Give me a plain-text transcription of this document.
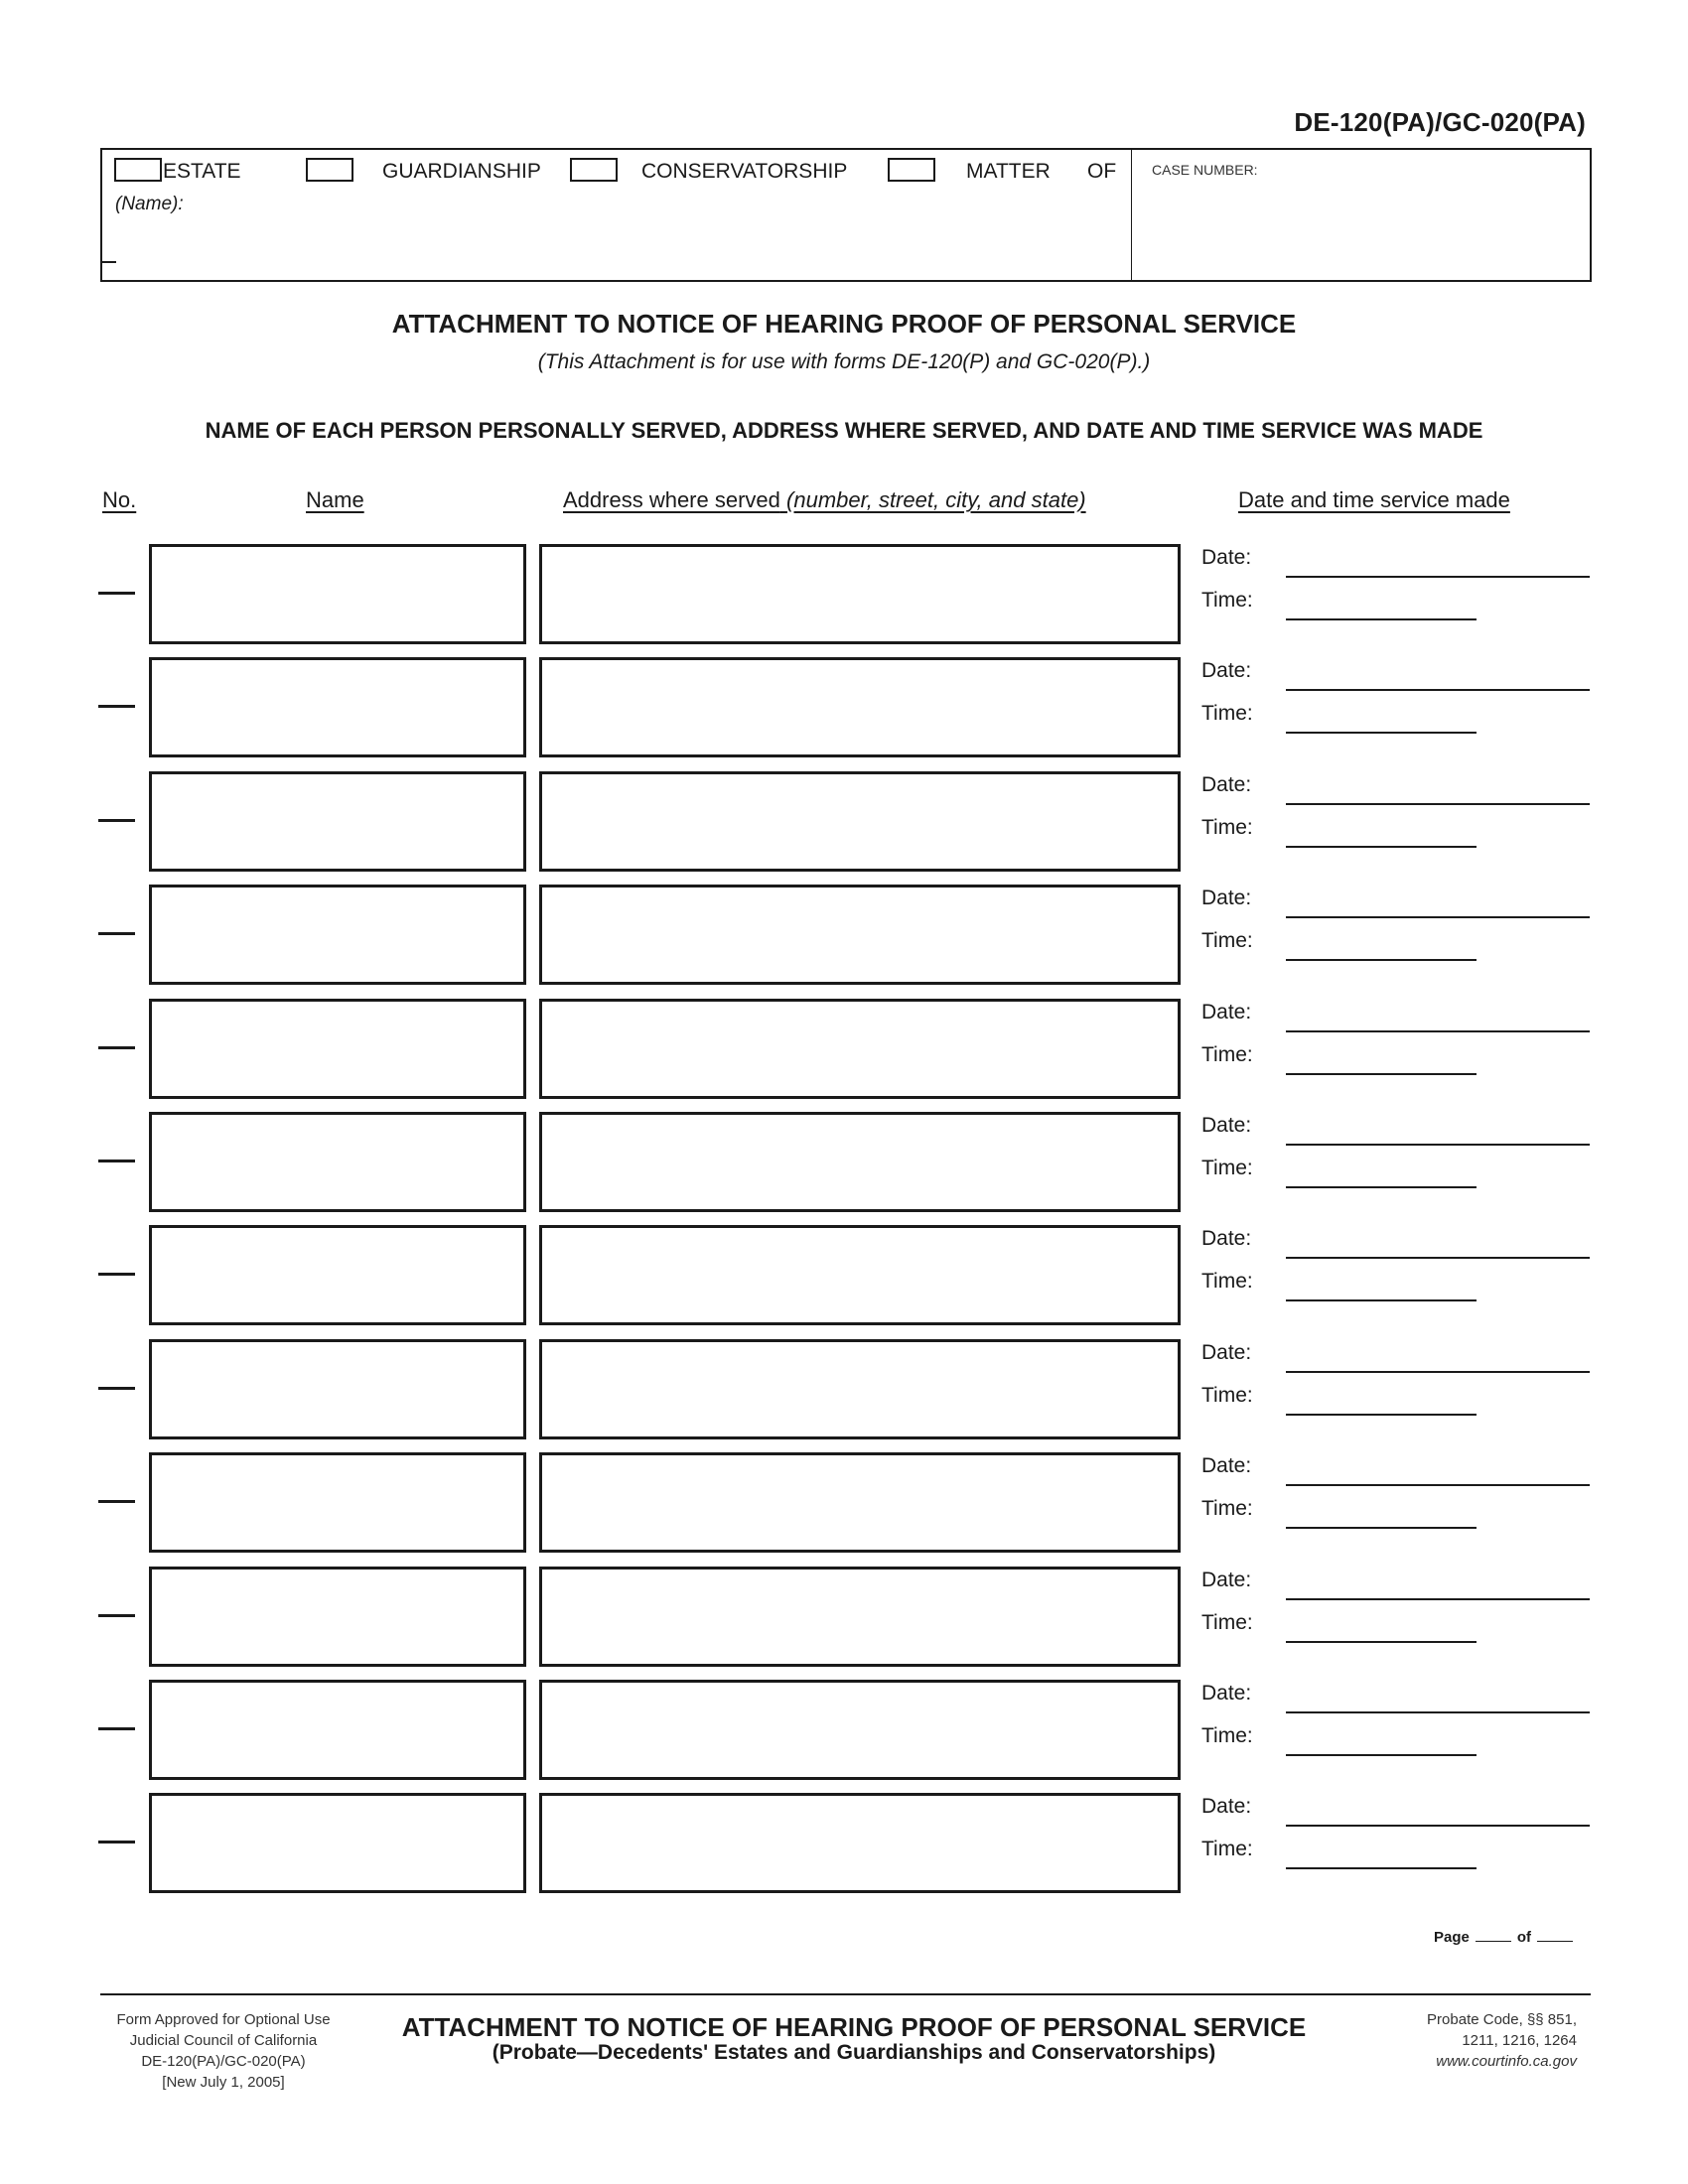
DE-120(PA)/GC-020(PA)
ESTATE	GUARDIANSHIP	CONSERVATORSHIP	MATTER OF
(Name):
CASE NUMBER:
ATTACHMENT TO NOTICE OF HEARING PROOF OF PERSONAL SERVICE
(This Attachment is for use with forms DE-120(P) and GC-020(P).)
NAME OF EACH PERSON PERSONALLY SERVED, ADDRESS WHERE SERVED, AND DATE AND TIME SERVICE WAS MADE
No.	Name	Address where served (number, street, city, and state)	Date and time service made
Date:
Time:
Date:
Time:
Date:
Time:
Date:
Time:
Date:
Time:
Date:
Time:
Date:
Time:
Date:
Time:
Date:
Time:
Date:
Time:
Date:
Time:
Date:
Time:
Page	of
Form Approved for Optional Use
Judicial Council of California
DE-120(PA)/GC-020(PA)
[New July 1, 2005]
ATTACHMENT TO NOTICE OF HEARING PROOF OF PERSONAL SERVICE
(Probate—Decedents' Estates and Guardianships and Conservatorships)
Probate Code, §§ 851,
1211, 1216, 1264
www.courtinfo.ca.gov
